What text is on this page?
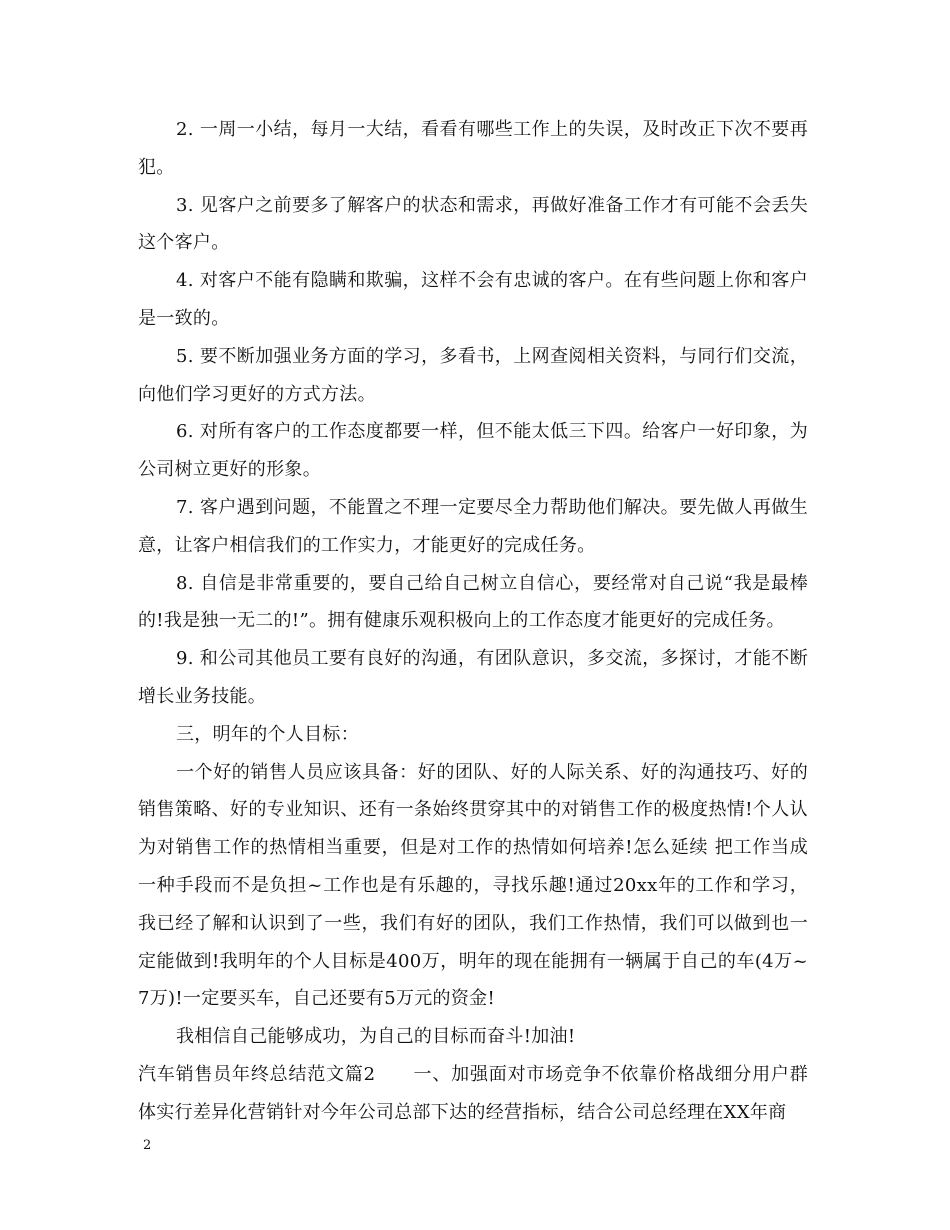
2. 一周一小结，每月一大结，看看有哪些工作上的失误，及时改正下次不要再犯。

3. 见客户之前要多了解客户的状态和需求，再做好准备工作才有可能不会丢失这个客户。

4. 对客户不能有隐瞒和欺骗，这样不会有忠诚的客户。在有些问题上你和客户是一致的。

5. 要不断加强业务方面的学习，多看书，上网查阅相关资料，与同行们交流，向他们学习更好的方式方法。

6. 对所有客户的工作态度都要一样，但不能太低三下四。给客户一好印象，为公司树立更好的形象。

7. 客户遇到问题，不能置之不理一定要尽全力帮助他们解决。要先做人再做生意，让客户相信我们的工作实力，才能更好的完成任务。

8. 自信是非常重要的，要自己给自己树立自信心，要经常对自己说“我是最棒的!我是独一无二的!”。拥有健康乐观积极向上的工作态度才能更好的完成任务。

9. 和公司其他员工要有良好的沟通，有团队意识，多交流，多探讨，才能不断增长业务技能。

三，明年的个人目标：

一个好的销售人员应该具备：好的团队、好的人际关系、好的沟通技巧、好的销售策略、好的专业知识、还有一条始终贯穿其中的对销售工作的极度热情!个人认为对销售工作的热情相当重要，但是对工作的热情如何培养!怎么延续 把工作当成一种手段而不是负担~工作也是有乐趣的，寻找乐趣!通过20xx年的工作和学习，我已经了解和认识到了一些，我们有好的团队，我们工作热情，我们可以做到也一定能做到!我明年的个人目标是400万，明年的现在能拥有一辆属于自己的车(4万~7万)!一定要买车，自己还要有5万元的资金!

我相信自己能够成功，为自己的目标而奋斗!加油!

汽车销售员年终总结范文篇2　　一、加强面对市场竞争不依靠价格战细分用户群体实行差异化营销针对今年公司总部下达的经营指标，结合公司总经理在XX年商

2
